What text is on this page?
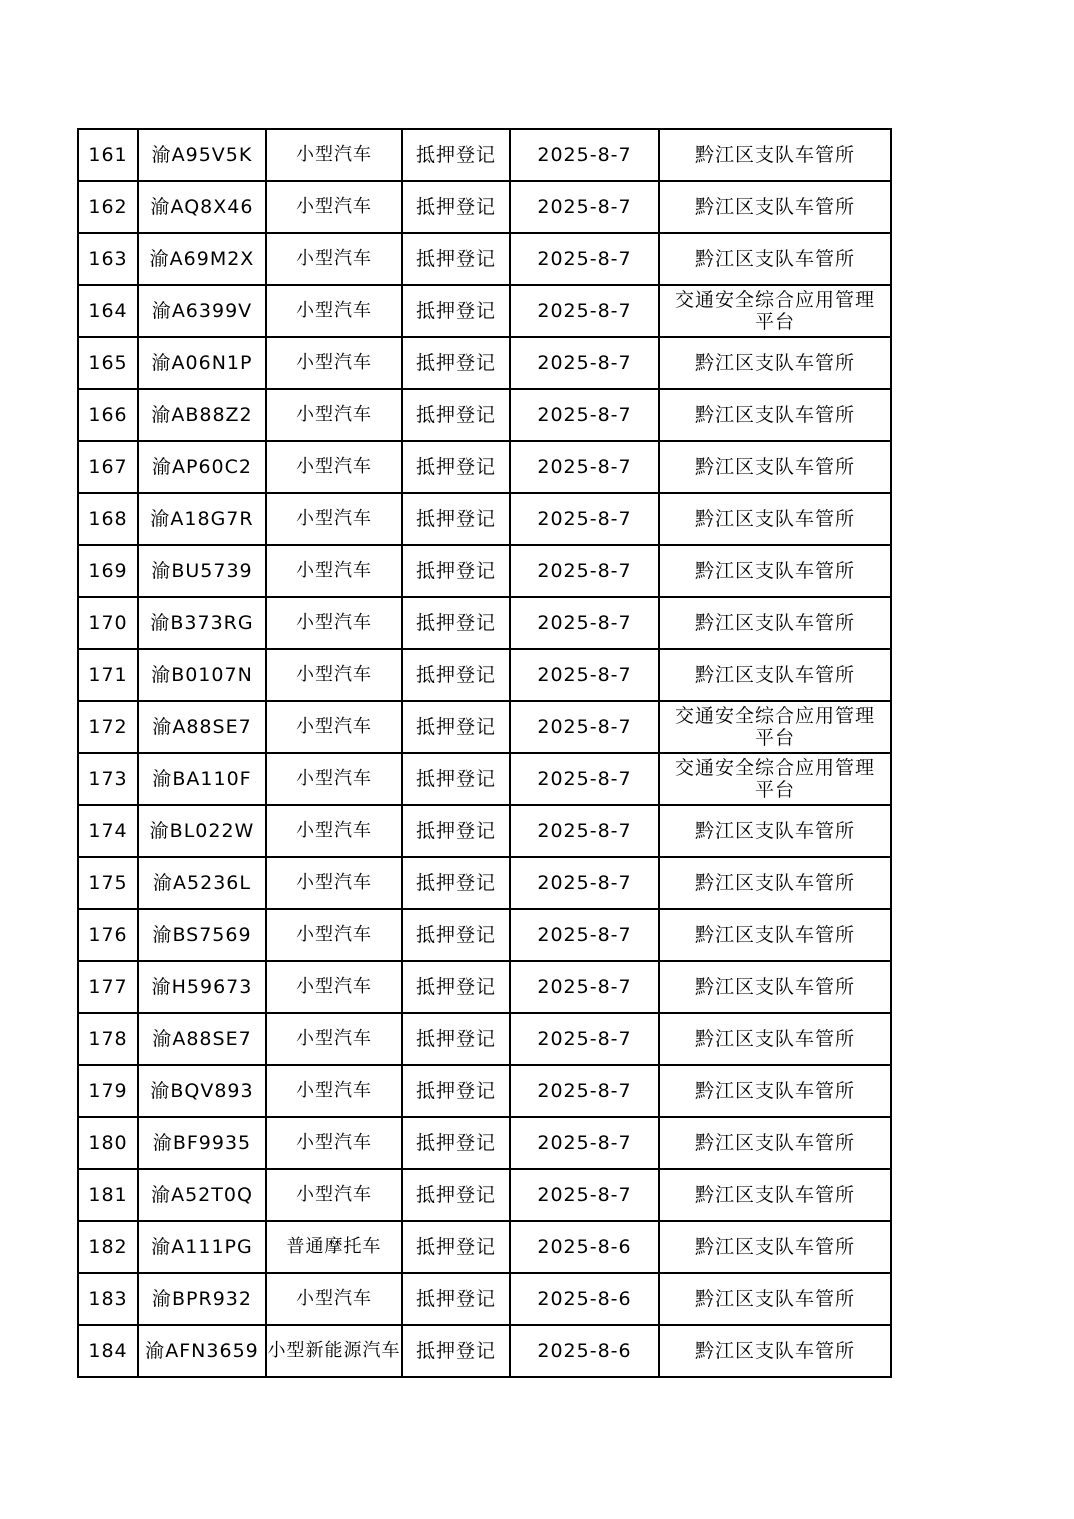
161	渝A95V5K	小型汽车	抵押登记	2025-8-7	黔江区支队车管所
162	渝AQ8X46	小型汽车	抵押登记	2025-8-7	黔江区支队车管所
163	渝A69M2X	小型汽车	抵押登记	2025-8-7	黔江区支队车管所
164	渝A6399V	小型汽车	抵押登记	2025-8-7	交通安全综合应用管理平台
165	渝A06N1P	小型汽车	抵押登记	2025-8-7	黔江区支队车管所
166	渝AB88Z2	小型汽车	抵押登记	2025-8-7	黔江区支队车管所
167	渝AP60C2	小型汽车	抵押登记	2025-8-7	黔江区支队车管所
168	渝A18G7R	小型汽车	抵押登记	2025-8-7	黔江区支队车管所
169	渝BU5739	小型汽车	抵押登记	2025-8-7	黔江区支队车管所
170	渝B373RG	小型汽车	抵押登记	2025-8-7	黔江区支队车管所
171	渝B0107N	小型汽车	抵押登记	2025-8-7	黔江区支队车管所
172	渝A88SE7	小型汽车	抵押登记	2025-8-7	交通安全综合应用管理平台
173	渝BA110F	小型汽车	抵押登记	2025-8-7	交通安全综合应用管理平台
174	渝BL022W	小型汽车	抵押登记	2025-8-7	黔江区支队车管所
175	渝A5236L	小型汽车	抵押登记	2025-8-7	黔江区支队车管所
176	渝BS7569	小型汽车	抵押登记	2025-8-7	黔江区支队车管所
177	渝H59673	小型汽车	抵押登记	2025-8-7	黔江区支队车管所
178	渝A88SE7	小型汽车	抵押登记	2025-8-7	黔江区支队车管所
179	渝BQV893	小型汽车	抵押登记	2025-8-7	黔江区支队车管所
180	渝BF9935	小型汽车	抵押登记	2025-8-7	黔江区支队车管所
181	渝A52T0Q	小型汽车	抵押登记	2025-8-7	黔江区支队车管所
182	渝A111PG	普通摩托车	抵押登记	2025-8-6	黔江区支队车管所
183	渝BPR932	小型汽车	抵押登记	2025-8-6	黔江区支队车管所
184	渝AFN3659	小型新能源汽车	抵押登记	2025-8-6	黔江区支队车管所
